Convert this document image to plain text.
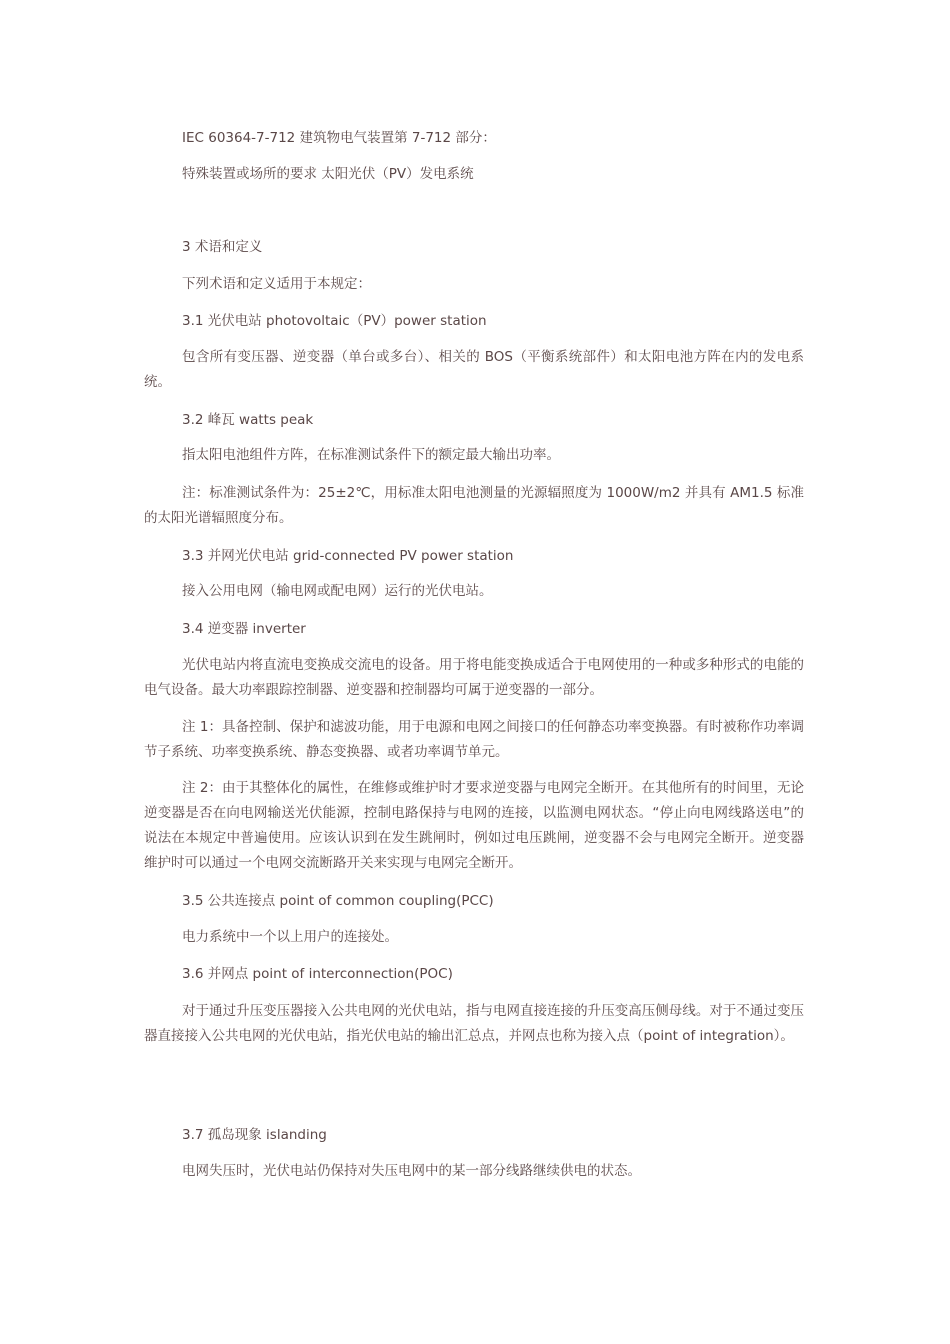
IEC 60364-7-712 建筑物电气装置第 7-712 部分：
特殊装置或场所的要求 太阳光伏（PV）发电系统
3 术语和定义
下列术语和定义适用于本规定：
3.1 光伏电站 photovoltaic（PV）power station
包含所有变压器、逆变器（单台或多台）、相关的 BOS（平衡系统部件）和太阳电池方阵在内的发电系统。
3.2 峰瓦 watts peak
指太阳电池组件方阵，在标准测试条件下的额定最大输出功率。
注：标准测试条件为：25±2℃，用标准太阳电池测量的光源辐照度为 1000W/m2 并具有 AM1.5 标准的太阳光谱辐照度分布。
3.3 并网光伏电站 grid-connected PV power station
接入公用电网（输电网或配电网）运行的光伏电站。
3.4 逆变器 inverter
光伏电站内将直流电变换成交流电的设备。用于将电能变换成适合于电网使用的一种或多种形式的电能的电气设备。最大功率跟踪控制器、逆变器和控制器均可属于逆变器的一部分。
注 1：具备控制、保护和滤波功能，用于电源和电网之间接口的任何静态功率变换器。有时被称作功率调节子系统、功率变换系统、静态变换器、或者功率调节单元。
注 2：由于其整体化的属性，在维修或维护时才要求逆变器与电网完全断开。在其他所有的时间里，无论逆变器是否在向电网输送光伏能源，控制电路保持与电网的连接，以监测电网状态。“停止向电网线路送电”的说法在本规定中普遍使用。应该认识到在发生跳闸时，例如过电压跳闸，逆变器不会与电网完全断开。逆变器维护时可以通过一个电网交流断路开关来实现与电网完全断开。
3.5 公共连接点 point of common coupling(PCC)
电力系统中一个以上用户的连接处。
3.6 并网点 point of interconnection(POC)
对于通过升压变压器接入公共电网的光伏电站，指与电网直接连接的升压变高压侧母线。对于不通过变压器直接接入公共电网的光伏电站，指光伏电站的输出汇总点，并网点也称为接入点（point of integration）。
3.7 孤岛现象 islanding
电网失压时，光伏电站仍保持对失压电网中的某一部分线路继续供电的状态。
